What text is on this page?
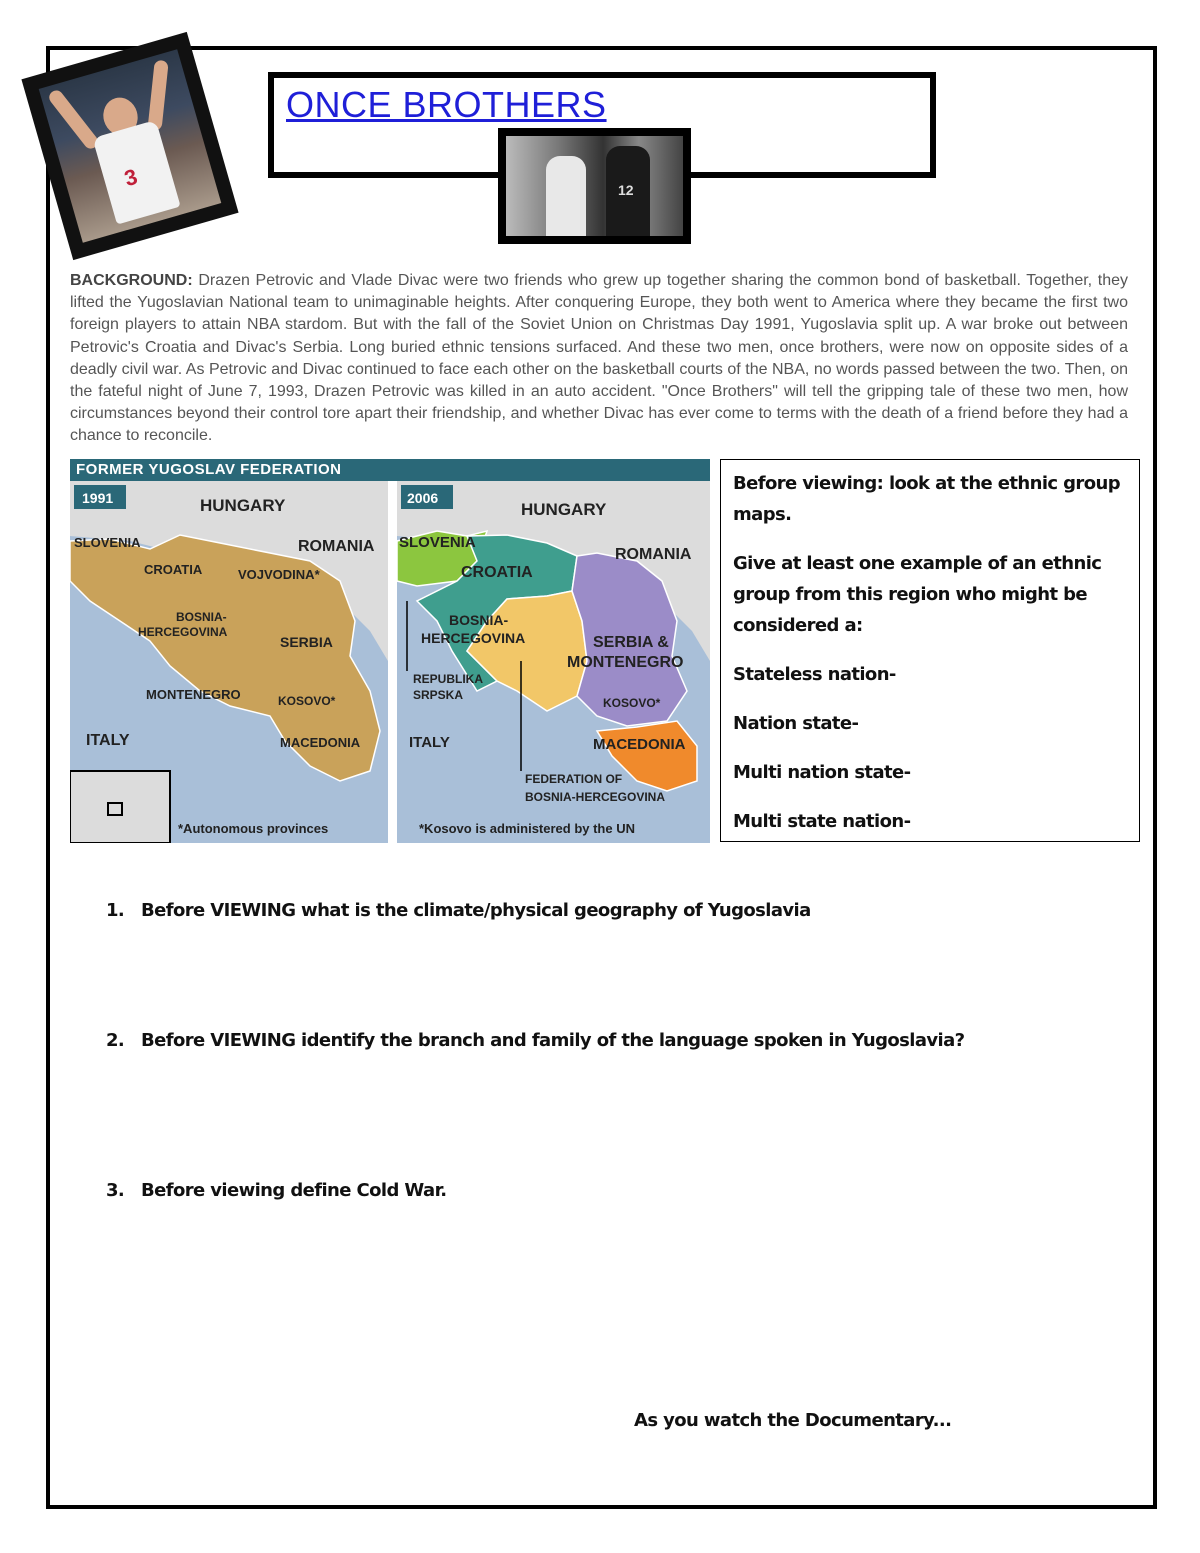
3
ONCE BROTHERS
12

BACKGROUND: Drazen Petrovic and Vlade Divac were two friends who grew up together sharing the common bond of basketball. Together, they lifted the Yugoslavian National team to unimaginable heights. After conquering Europe, they both went to America where they became the first two foreign players to attain NBA stardom. But with the fall of the Soviet Union on Christmas Day 1991, Yugoslavia split up. A war broke out between Petrovic's Croatia and Divac's Serbia. Long buried ethnic tensions surfaced. And these two men, once brothers, were now on opposite sides of a deadly civil war. As Petrovic and Divac continued to face each other on the basketball courts of the NBA, no words passed between the two. Then, on the fateful night of June 7, 1993, Drazen Petrovic was killed in an auto accident. "Once Brothers" will tell the gripping tale of these two men, how circumstances beyond their control tore apart their friendship, and whether Divac has ever come to terms with the death of a friend before they had a chance to reconcile.

FORMER YUGOSLAV FEDERATION
1991	HUNGARY
SLOVENIA	ROMANIA
CROATIA	VOJVODINA*
BOSNIA-
HERCEGOVINA
SERBIA
MONTENEGRO	KOSOVO*
ITALY	MACEDONIA
*Autonomous provinces
2006
HUNGARY
SLOVENIA
ROMANIA
CROATIA
BOSNIA-
HERCEGOVINA	SERBIA &
MONTENEGRO
REPUBLIKA
SRPSKA
KOSOVO*
ITALY	MACEDONIA
FEDERATION OF
BOSNIA-HERCEGOVINA
*Kosovo is administered by the UN

Before viewing: look at the ethnic group

maps.

Give at least one example of an ethnic

group from this region who might be

considered a:

Stateless nation-

Nation state-

Multi nation state-

Multi state nation-

1. Before VIEWING what is the climate/physical geography of Yugoslavia
2. Before VIEWING identify the branch and family of the language spoken in Yugoslavia?
3. Before viewing define Cold War.
As you watch the Documentary...
